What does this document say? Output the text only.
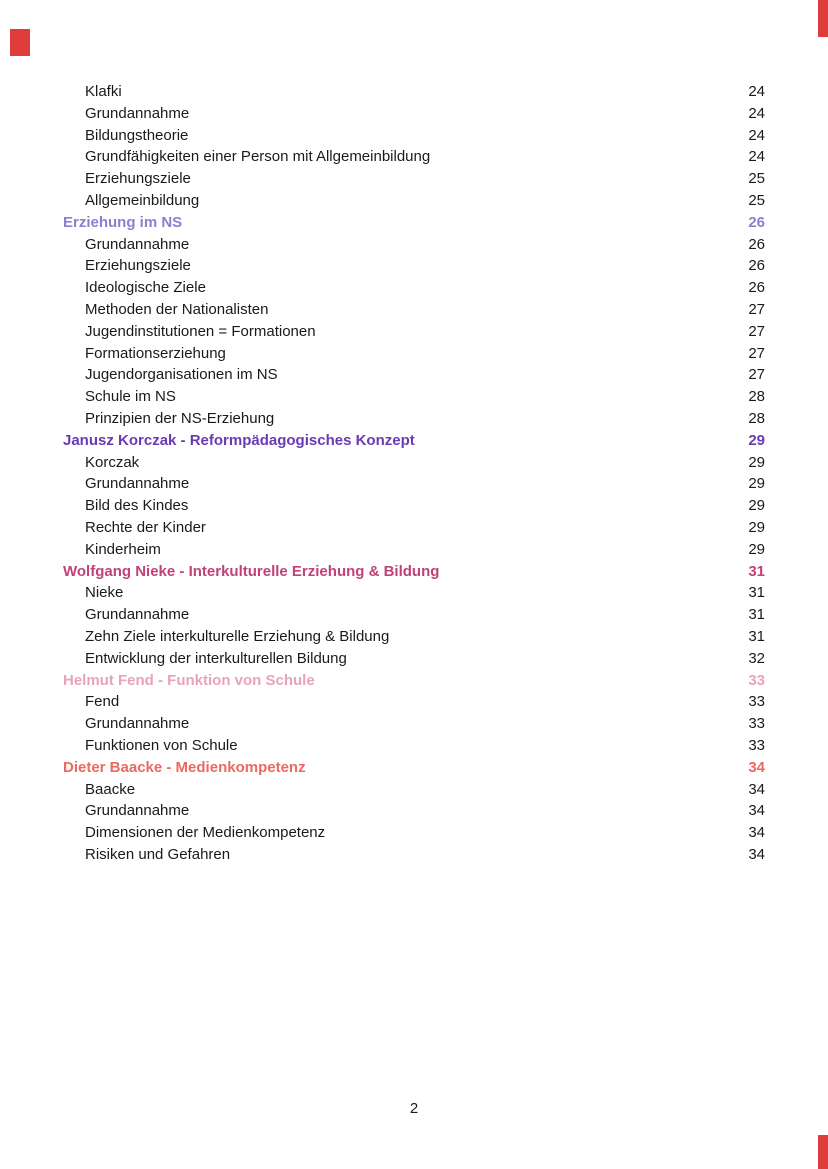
Klafki	24
Grundannahme	24
Bildungstheorie	24
Grundfähigkeiten einer Person mit Allgemeinbildung	24
Erziehungsziele	25
Allgemeinbildung	25
Erziehung im NS	26
Grundannahme	26
Erziehungsziele	26
Ideologische Ziele	26
Methoden der Nationalisten	27
Jugendinstitutionen = Formationen	27
Formationserziehung	27
Jugendorganisationen im NS	27
Schule im NS	28
Prinzipien der NS-Erziehung	28
Janusz Korczak - Reformpädagogisches Konzept	29
Korczak	29
Grundannahme	29
Bild des Kindes	29
Rechte der Kinder	29
Kinderheim	29
Wolfgang Nieke - Interkulturelle Erziehung & Bildung	31
Nieke	31
Grundannahme	31
Zehn Ziele interkulturelle Erziehung & Bildung	31
Entwicklung der interkulturellen Bildung	32
Helmut Fend - Funktion von Schule	33
Fend	33
Grundannahme	33
Funktionen von Schule	33
Dieter Baacke - Medienkompetenz	34
Baacke	34
Grundannahme	34
Dimensionen der Medienkompetenz	34
Risiken und Gefahren	34
2
